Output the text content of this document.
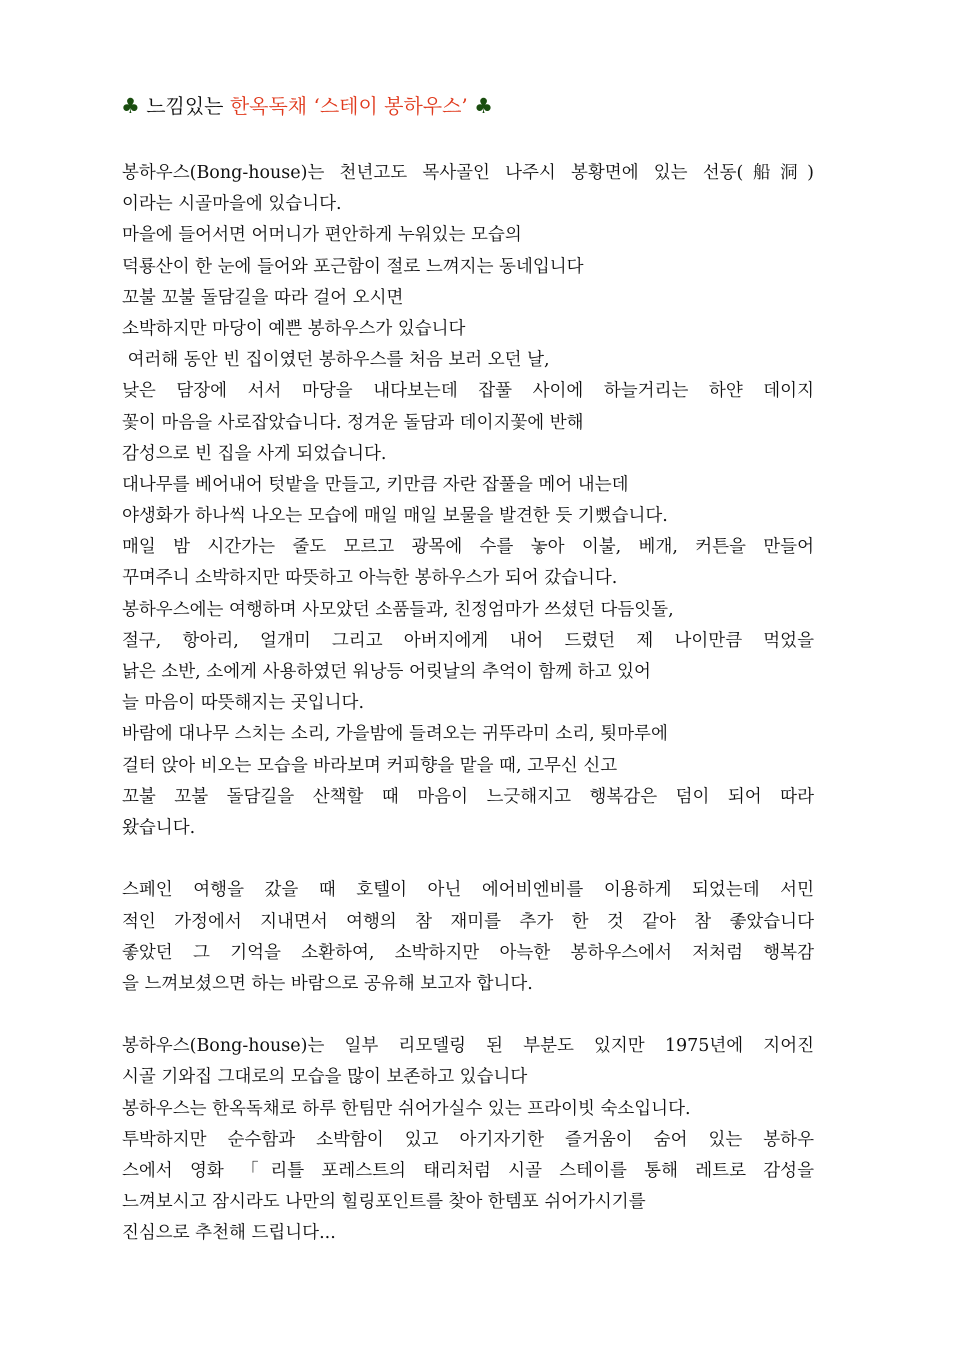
♣ 느낌있는 한옥독채 ‘스테이 봉하우스’ ♣
봉하우스(Bong-house)는 천년고도 목사골인 나주시 봉황면에 있는 선동(船洞)
이라는 시골마을에 있습니다.
마을에 들어서면 어머니가 편안하게 누워있는 모습의
덕룡산이 한 눈에 들어와 포근함이 절로 느껴지는 동네입니다
꼬불 꼬불 돌담길을 따라 걸어 오시면
소박하지만 마당이 예쁜 봉하우스가 있습니다
여러해 동안 빈 집이였던 봉하우스를 처음 보러 오던 날,
낮은 담장에 서서 마당을 내다보는데 잡풀 사이에 하늘거리는 하얀 데이지
꽃이 마음을 사로잡았습니다. 정겨운 돌담과 데이지꽃에 반해
감성으로 빈 집을 사게 되었습니다.
대나무를 베어내어 텃밭을 만들고, 키만큼 자란 잡풀을 메어 내는데
야생화가 하나씩 나오는 모습에 매일 매일 보물을 발견한 듯 기뻤습니다.
매일 밤 시간가는 줄도 모르고 광목에 수를 놓아 이불, 베개, 커튼을 만들어
꾸며주니 소박하지만 따뜻하고 아늑한 봉하우스가 되어 갔습니다.
봉하우스에는 여행하며 사모았던 소품들과, 친정엄마가 쓰셨던 다듬잇돌,
절구, 항아리, 얼개미 그리고 아버지에게 내어 드렸던 제 나이만큼 먹었을
낡은 소반, 소에게 사용하였던 워낭등 어릿날의 추억이 함께 하고 있어
늘 마음이 따뜻해지는 곳입니다.
바람에 대나무 스치는 소리, 가을밤에 들려오는 귀뚜라미 소리, 툇마루에
걸터 앉아 비오는 모습을 바라보며 커피향을 맡을 때, 고무신 신고
꼬불 꼬불 돌담길을 산책할 때 마음이 느긋해지고 행복감은 덤이 되어 따라
왔습니다.
스페인 여행을 갔을 때 호텔이 아닌 에어비엔비를 이용하게 되었는데 서민
적인 가정에서 지내면서 여행의 참 재미를 추가 한 것 같아 참 좋았습니다
좋았던 그 기억을 소환하여, 소박하지만 아늑한 봉하우스에서 저처럼 행복감
을 느껴보셨으면 하는 바람으로 공유해 보고자 합니다.
봉하우스(Bong-house)는 일부 리모델링 된 부분도 있지만 1975년에 지어진
시골 기와집 그대로의 모습을 많이 보존하고 있습니다
봉하우스는 한옥독채로 하루 한팀만 쉬어가실수 있는 프라이빗 숙소입니다.
투박하지만 순수함과 소박함이 있고 아기자기한 즐거움이 숨어 있는 봉하우
스에서 영화 「리틀 포레스트의 태리처럼 시골 스테이를 통해 레트로 감성을
느껴보시고 잠시라도 나만의 힐링포인트를 찾아 한템포 쉬어가시기를
진심으로 추천해 드립니다...
